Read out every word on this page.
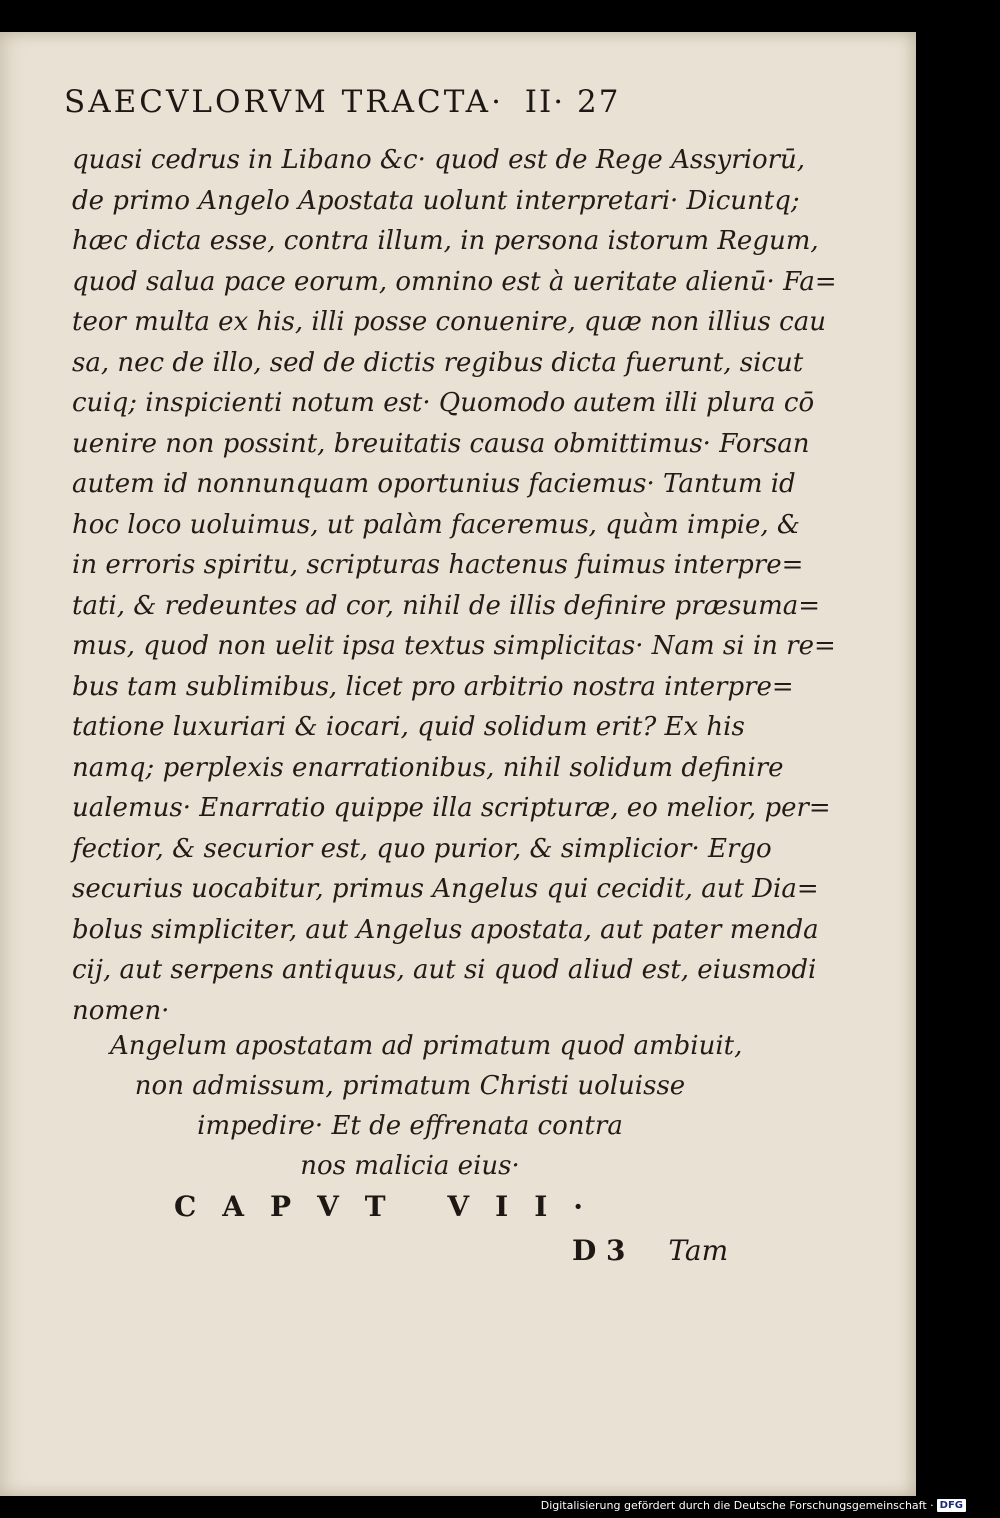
SAECVLORVM TRACTA· II· 27
quasi cedrus in Libano &c· quod est de Rege Assyriorū,
de primo Angelo Apostata uolunt interpretari· Dicuntq;
hæc dicta esse, contra illum, in persona istorum Regum,
quod salua pace eorum, omnino est à ueritate alienū· Fa=
teor multa ex his, illi posse conuenire, quæ non illius cau
sa, nec de illo, sed de dictis regibus dicta fuerunt, sicut
cuiq; inspicienti notum est· Quomodo autem illi plura cō
uenire non possint, breuitatis causa obmittimus· Forsan
autem id nonnunquam oportunius faciemus· Tantum id
hoc loco uoluimus, ut palàm faceremus, quàm impie, &
in erroris spiritu, scripturas hactenus fuimus interpre=
tati, & redeuntes ad cor, nihil de illis definire præsuma=
mus, quod non uelit ipsa textus simplicitas· Nam si in re=
bus tam sublimibus, licet pro arbitrio nostra interpre=
tatione luxuriari & iocari, quid solidum erit? Ex his
namq; perplexis enarrationibus, nihil solidum definire
ualemus· Enarratio quippe illa scripturæ, eo melior, per=
fectior, & securior est, quo purior, & simplicior· Ergo
securius uocabitur, primus Angelus qui cecidit, aut Dia=
bolus simpliciter, aut Angelus apostata, aut pater menda
cij, aut serpens antiquus, aut si quod aliud est, eiusmodi
nomen·
Angelum apostatam ad primatum quod ambiuit,
non admissum, primatum Christi uoluisse
impedire· Et de effrenata contra
nos malicia eius·
CAPVT VII·
D 3 Tam
Digitalisierung gefördert durch die Deutsche Forschungsgemeinschaft · DFG
